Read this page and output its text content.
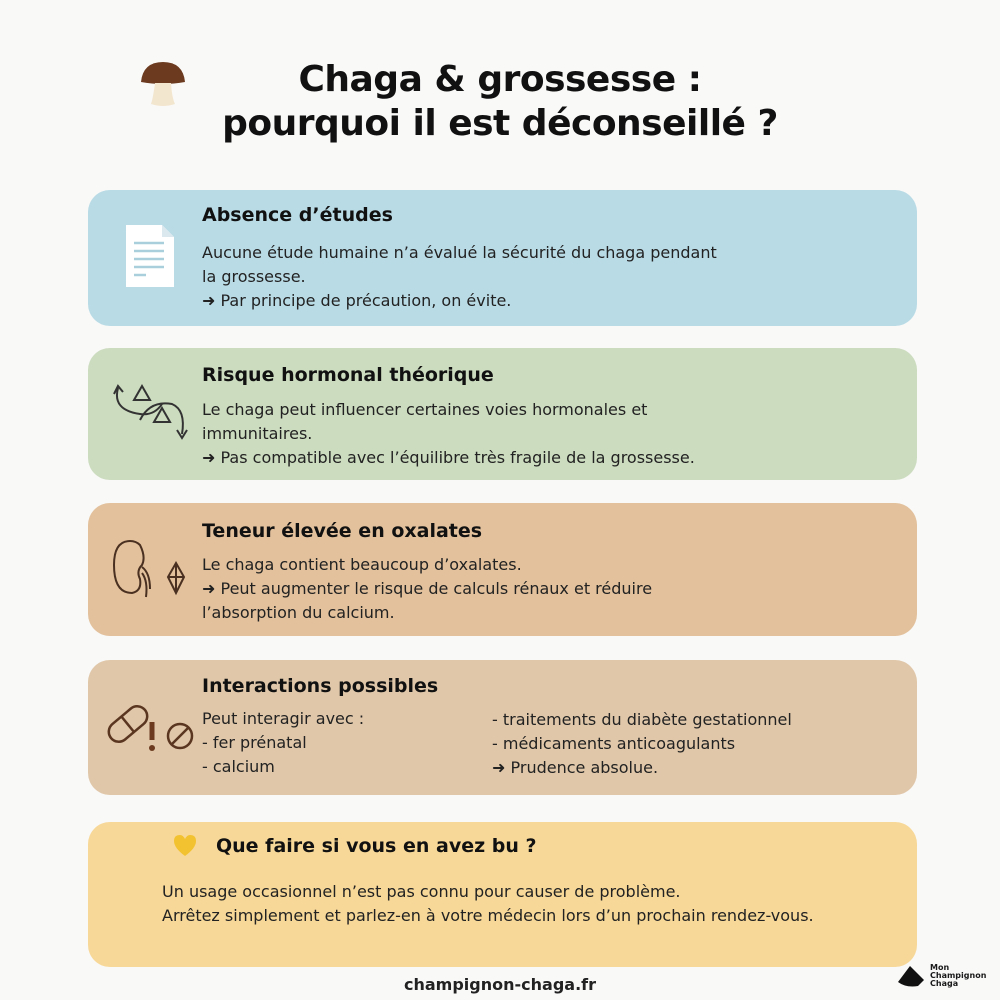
Chaga & grossesse :
pourquoi il est déconseillé ?
Absence d’études
Aucune étude humaine n’a évalué la sécurité du chaga pendant
la grossesse.
➜ Par principe de précaution, on évite.
Risque hormonal théorique
Le chaga peut influencer certaines voies hormonales et
immunitaires.
➜ Pas compatible avec l’équilibre très fragile de la grossesse.
Teneur élevée en oxalates
Le chaga contient beaucoup d’oxalates.
➜ Peut augmenter le risque de calculs rénaux et réduire
l’absorption du calcium.
Interactions possibles
Peut interagir avec :
- fer prénatal
- calcium
- traitements du diabète gestationnel
- médicaments anticoagulants
➜ Prudence absolue.
Que faire si vous en avez bu ?
Un usage occasionnel n’est pas connu pour causer de problème.
Arrêtez simplement et parlez-en à votre médecin lors d’un prochain rendez-vous.
champignon-chaga.fr
Mon
Champignon
Chaga
